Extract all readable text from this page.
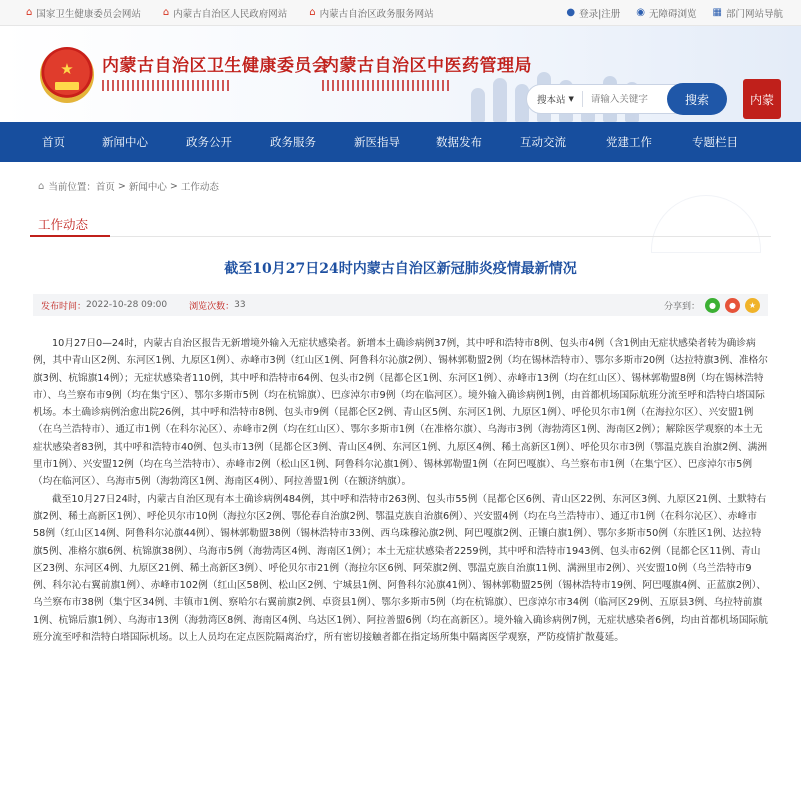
⌂ 国家卫生健康委员会网站 ⌂ 内蒙古自治区人民政府网站 ⌂ 内蒙古自治区政务服务网站	● 登录|注册 ◉ 无障碍浏览 ▦ 部门网站导航
★	内蒙古自治区卫生健康委员会
内蒙古自治区中医药管理局
搜本站 ▼
请输入关键字	搜索	内蒙
首页	新闻中心	政务公开	政务服务	新医指导	数据发布	互动交流	党建工作	专题栏目
⌂ 当前位置： 首页 > 新闻中心 > 工作动态
工作动态
截至10月27日24时内蒙古自治区新冠肺炎疫情最新情况
发布时间： 2022-10-28 09:00 浏览次数： 33	分享到：	●	●	★

10月27日0—24时，内蒙古自治区报告无新增境外输入无症状感染者。新增本土确诊病例37例，其中呼和浩特市8例、包头市4例（含1例由无症状感染者转为确诊病例，其中青山区2例、东河区1例、九原区1例）、赤峰市3例（红山区1例、阿鲁科尔沁旗2例）、锡林郭勒盟2例（均在锡林浩特市）、鄂尔多斯市20例（达拉特旗3例、准格尔旗3例、杭锦旗14例）；无症状感染者110例，其中呼和浩特市64例、包头市2例（昆都仑区1例、东河区1例）、赤峰市13例（均在红山区）、锡林郭勒盟8例（均在锡林浩特市）、乌兰察布市9例（均在集宁区）、鄂尔多斯市5例（均在杭锦旗）、巴彦淖尔市9例（均在临河区）。境外输入确诊病例1例，由首都机场国际航班分流至呼和浩特白塔国际机场。本土确诊病例治愈出院26例，其中呼和浩特市8例、包头市9例（昆都仑区2例、青山区5例、东河区1例、九原区1例）、呼伦贝尔市1例（在海拉尔区）、兴安盟1例（在乌兰浩特市）、通辽市1例（在科尔沁区）、赤峰市2例（均在红山区）、鄂尔多斯市1例（在准格尔旗）、乌海市3例（海勃湾区1例、海南区2例）；解除医学观察的本土无症状感染者83例，其中呼和浩特市40例、包头市13例（昆都仑区3例、青山区4例、东河区1例、九原区4例、稀土高新区1例）、呼伦贝尔市3例（鄂温克族自治旗2例、满洲里市1例）、兴安盟12例（均在乌兰浩特市）、赤峰市2例（松山区1例、阿鲁科尔沁旗1例）、锡林郭勒盟1例（在阿巴嘎旗）、乌兰察布市1例（在集宁区）、巴彦淖尔市5例（均在临河区）、乌海市5例（海勃湾区1例、海南区4例）、阿拉善盟1例（在额济纳旗）。

截至10月27日24时，内蒙古自治区现有本土确诊病例484例，其中呼和浩特市263例、包头市55例（昆都仑区6例、青山区22例、东河区3例、九原区21例、土默特右旗2例、稀土高新区1例）、呼伦贝尔市10例（海拉尔区2例、鄂伦春自治旗2例、鄂温克族自治旗6例）、兴安盟4例（均在乌兰浩特市）、通辽市1例（在科尔沁区）、赤峰市58例（红山区14例、阿鲁科尔沁旗44例）、锡林郭勒盟38例（锡林浩特市33例、西乌珠穆沁旗2例、阿巴嘎旗2例、正镶白旗1例）、鄂尔多斯市50例（东胜区1例、达拉特旗5例、准格尔旗6例、杭锦旗38例）、乌海市5例（海勃湾区4例、海南区1例）；本土无症状感染者2259例，其中呼和浩特市1943例、包头市62例（昆都仑区11例、青山区23例、东河区4例、九原区21例、稀土高新区3例）、呼伦贝尔市21例（海拉尔区6例、阿荣旗2例、鄂温克族自治旗11例、满洲里市2例）、兴安盟10例（乌兰浩特市9例、科尔沁右翼前旗1例）、赤峰市102例（红山区58例、松山区2例、宁城县1例、阿鲁科尔沁旗41例）、锡林郭勒盟25例（锡林浩特市19例、阿巴嘎旗4例、正蓝旗2例）、乌兰察布市38例（集宁区34例、丰镇市1例、察哈尔右翼前旗2例、卓资县1例）、鄂尔多斯市5例（均在杭锦旗）、巴彦淖尔市34例（临河区29例、五原县3例、乌拉特前旗1例、杭锦后旗1例）、乌海市13例（海勃湾区8例、海南区4例、乌达区1例）、阿拉善盟6例（均在高新区）。境外输入确诊病例7例，无症状感染者6例，均由首都机场国际航班分流至呼和浩特白塔国际机场。以上人员均在定点医院隔离治疗，所有密切接触者都在指定场所集中隔离医学观察，严防疫情扩散蔓延。
